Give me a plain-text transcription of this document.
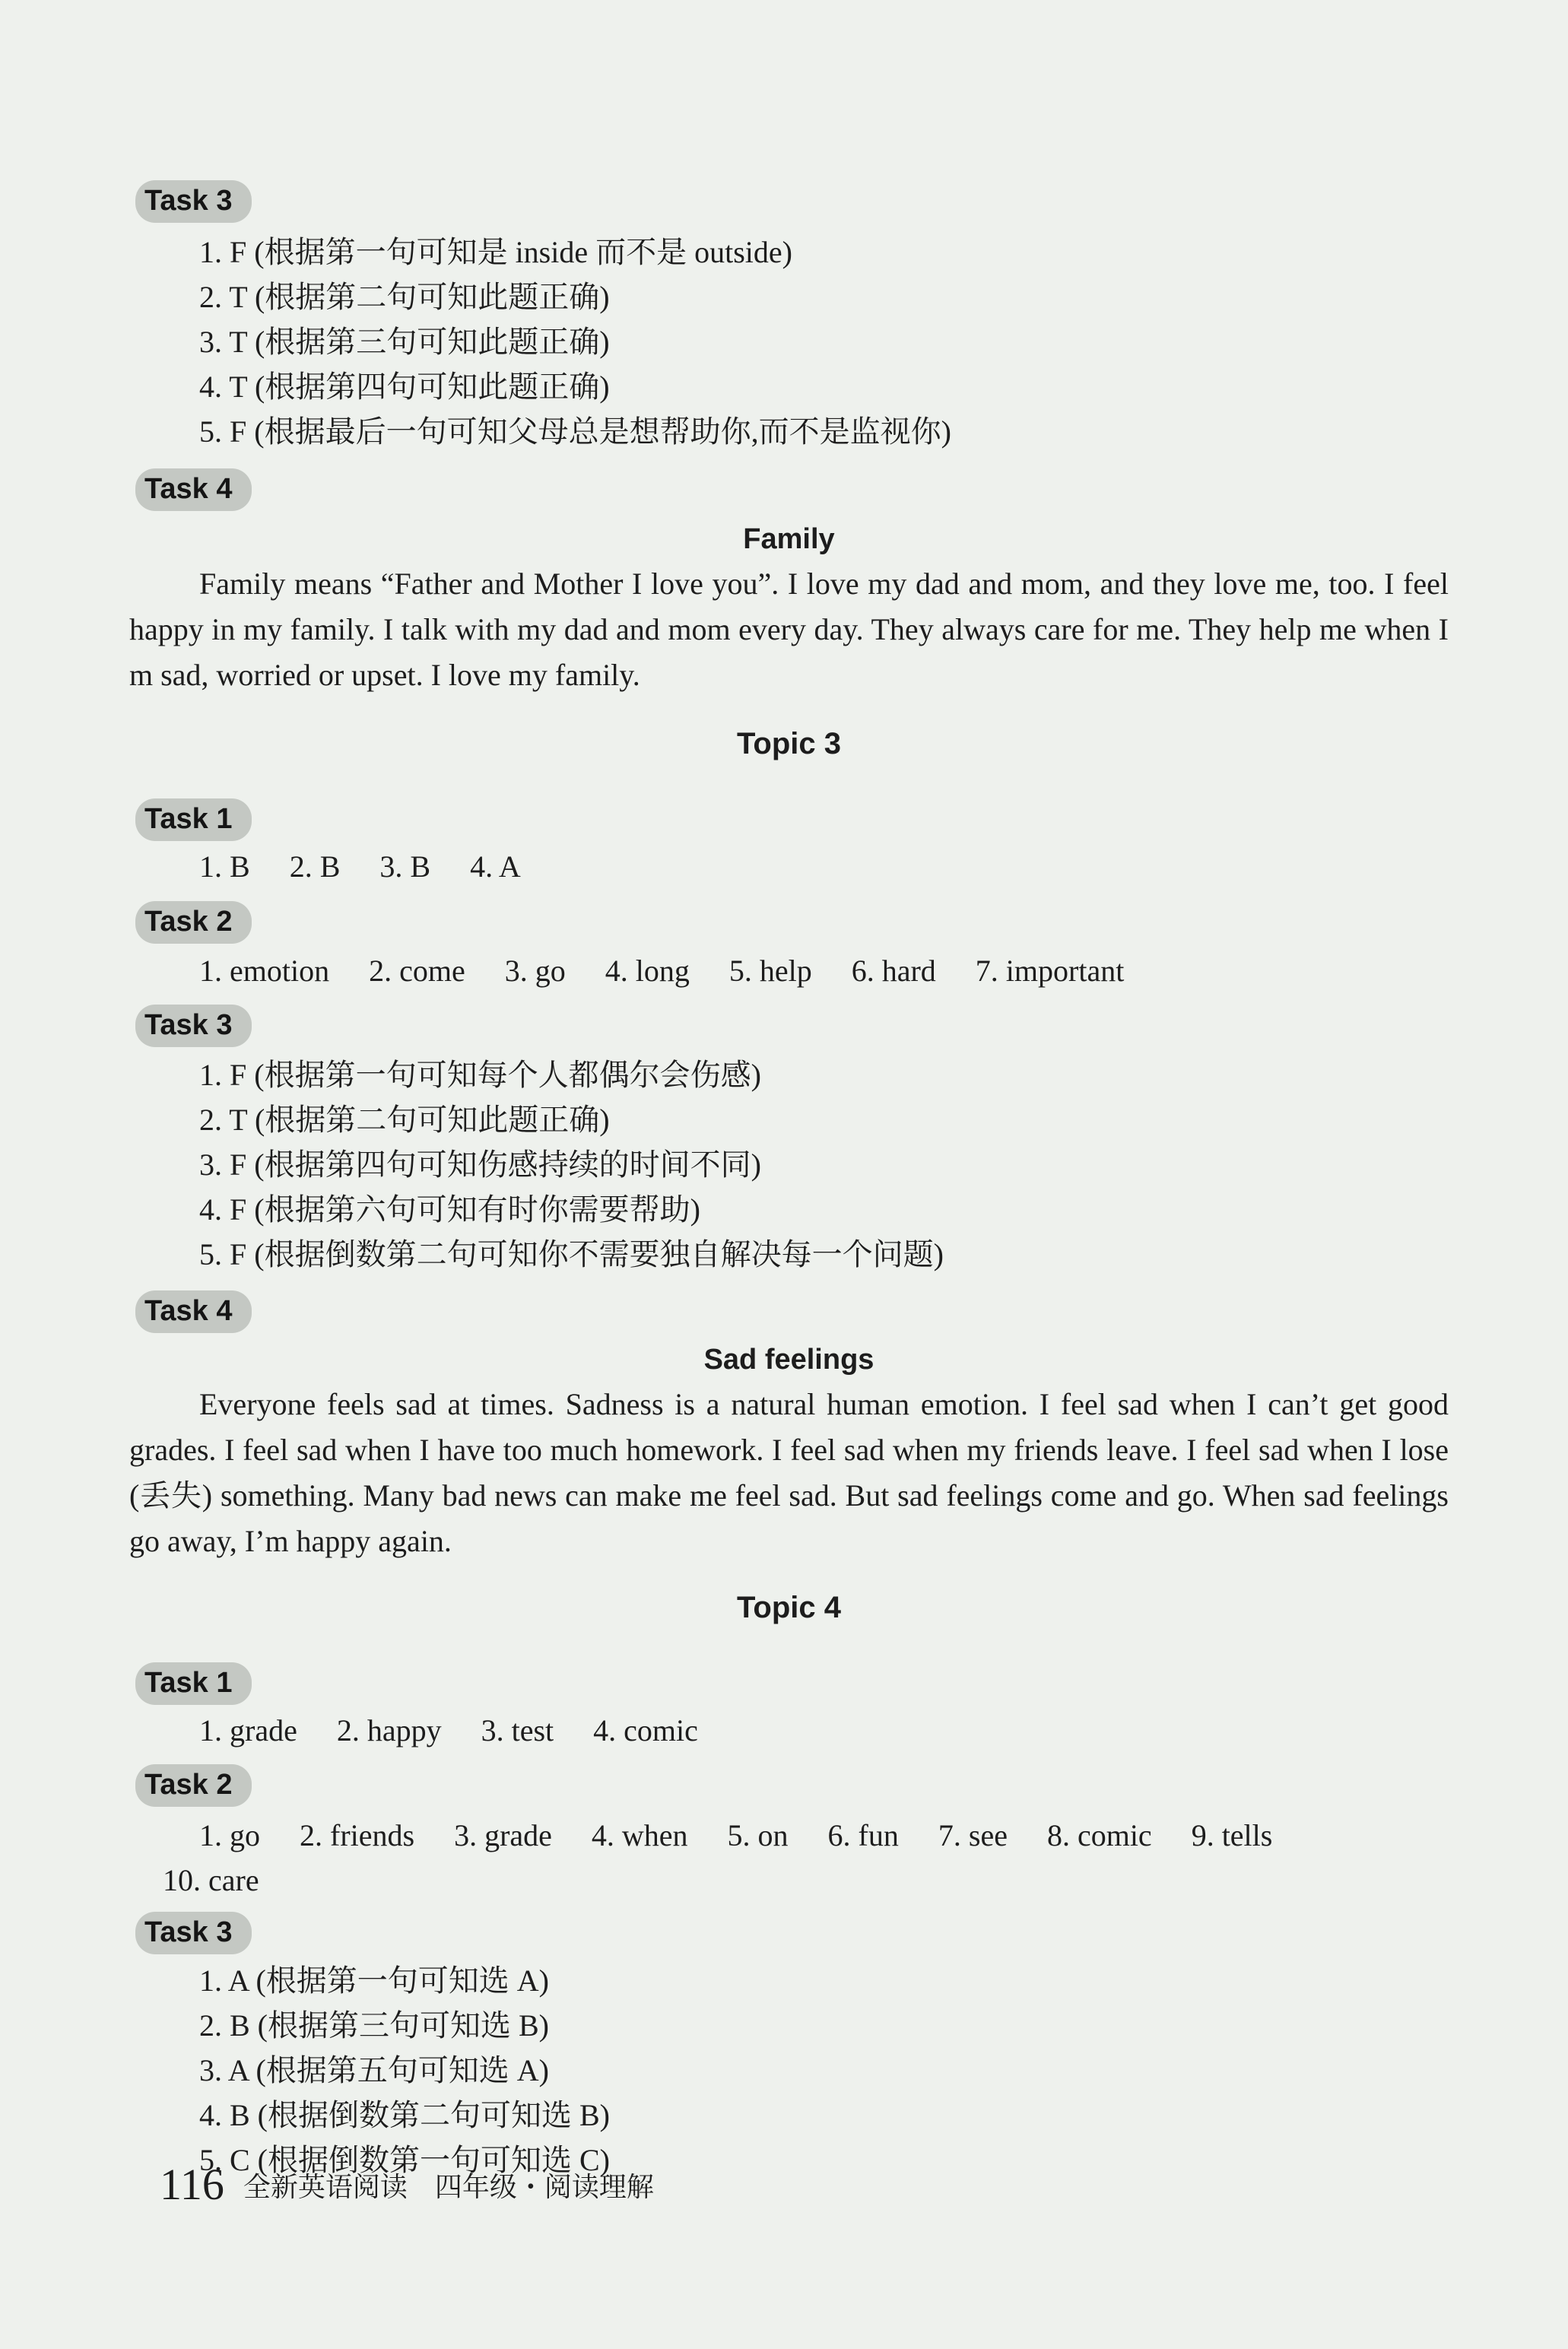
Task 3
1. F (根据第一句可知是 inside 而不是 outside)
2. T (根据第二句可知此题正确)
3. T (根据第三句可知此题正确)
4. T (根据第四句可知此题正确)
5. F (根据最后一句可知父母总是想帮助你,而不是监视你)
Task 4
Family
Family means “Father and Mother I love you”. I love my dad and mom, and they love me, too. I feel happy in my family. I talk with my dad and mom every day. They always care for me. They help me when I m sad, worried or upset. I love my family.
Topic 3
Task 1
1. B 2. B 3. B 4. A
Task 2
1. emotion 2. come 3. go 4. long 5. help 6. hard 7. important
Task 3
1. F (根据第一句可知每个人都偶尔会伤感)
2. T (根据第二句可知此题正确)
3. F (根据第四句可知伤感持续的时间不同)
4. F (根据第六句可知有时你需要帮助)
5. F (根据倒数第二句可知你不需要独自解决每一个问题)
Task 4
Sad feelings
Everyone feels sad at times. Sadness is a natural human emotion. I feel sad when I can’t get good grades. I feel sad when I have too much homework. I feel sad when my friends leave. I feel sad when I lose (丢失) something. Many bad news can make me feel sad. But sad feelings come and go. When sad feelings go away, I’m happy again.
Topic 4
Task 1
1. grade 2. happy 3. test 4. comic
Task 2
1. go 2. friends 3. grade 4. when 5. on 6. fun 7. see 8. comic 9. tells
10. care
Task 3
1. A (根据第一句可知选 A)
2. B (根据第三句可知选 B)
3. A (根据第五句可知选 A)
4. B (根据倒数第二句可知选 B)
5. C (根据倒数第一句可知选 C)
116 全新英语阅读　四年级・阅读理解
